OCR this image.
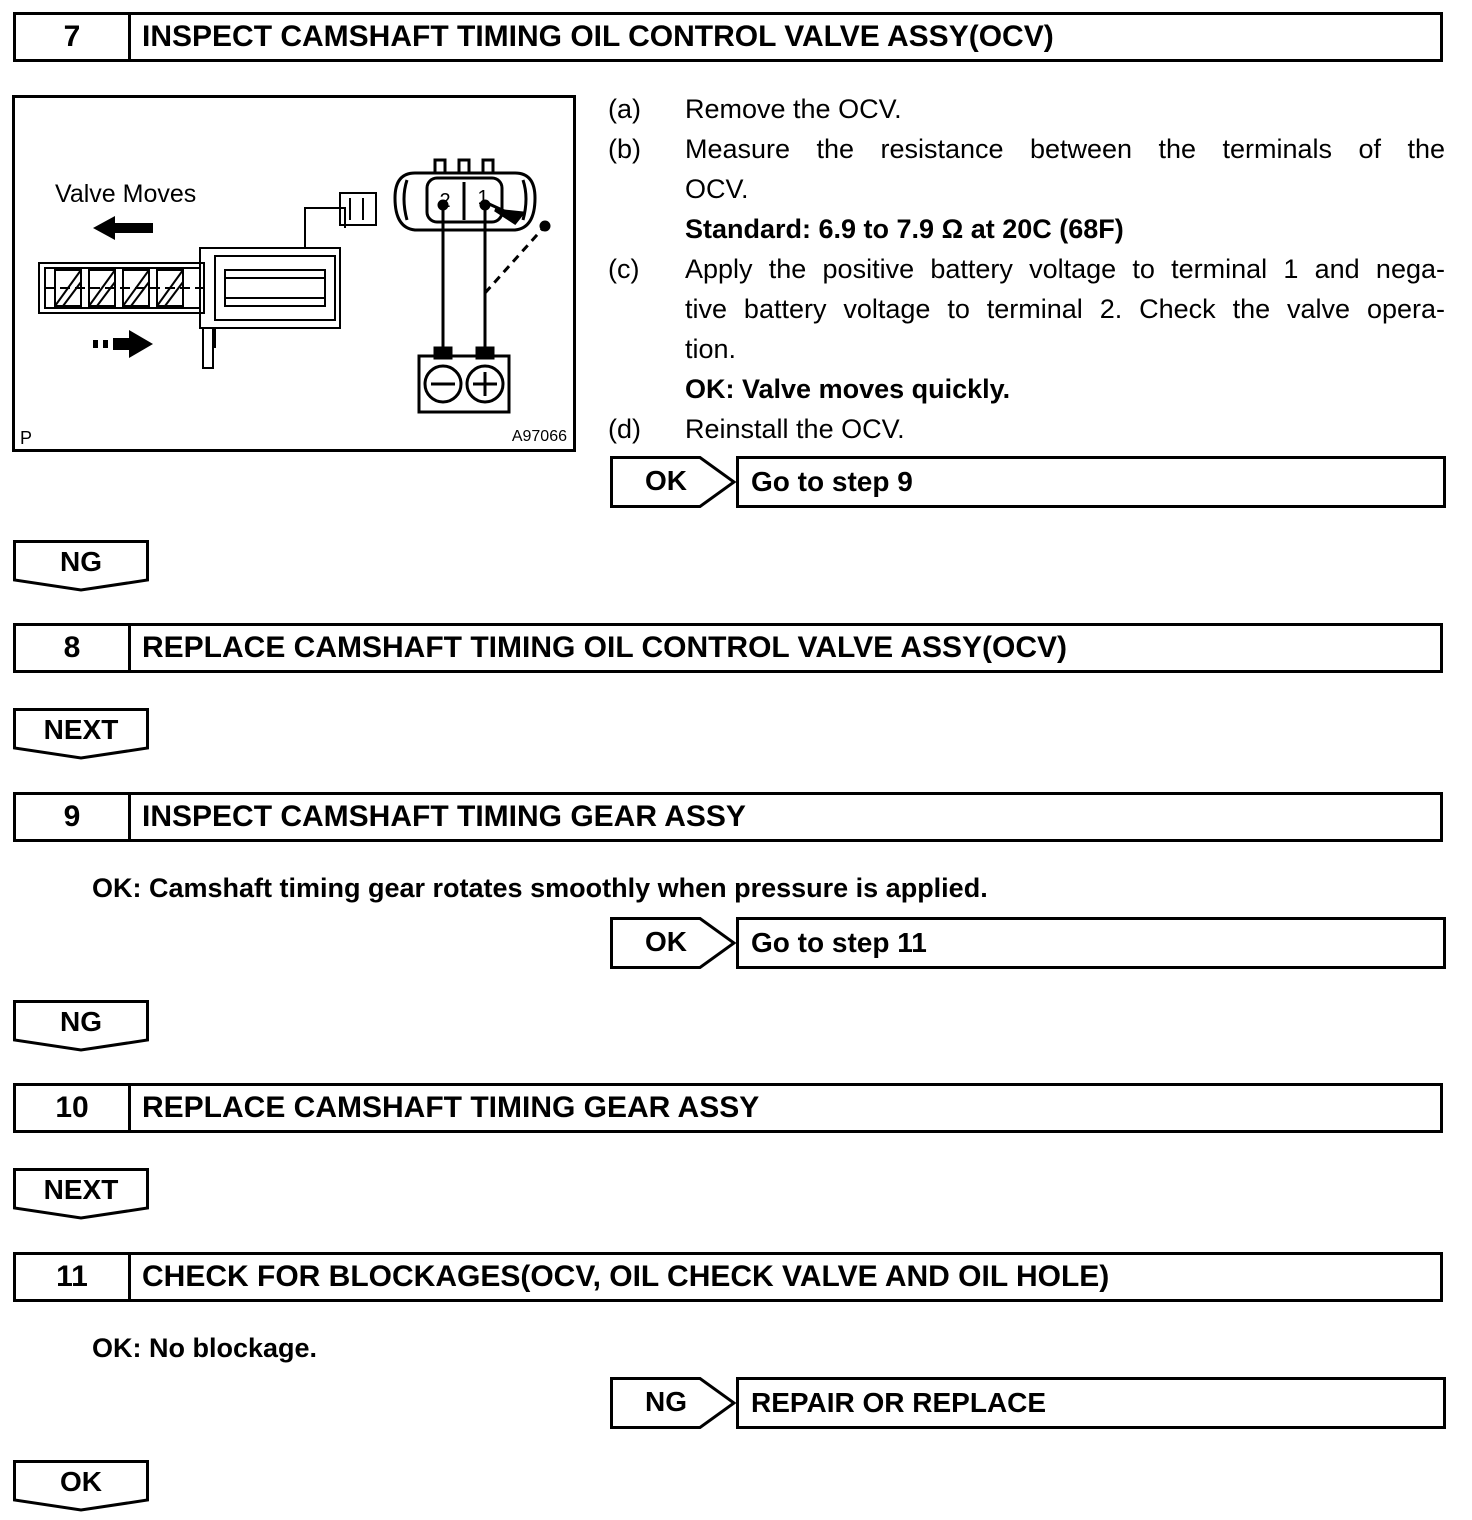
7	INSPECT CAMSHAFT TIMING OIL CONTROL VALVE ASSY(OCV)
Valve Moves
P	A97066
2 1
(a) Remove the OCV.
(b) Measure the resistance between the terminals of the
OCV.
Standard: 6.9 to 7.9 Ω at 20C (68F)
(c) Apply the positive battery voltage to terminal 1 and nega-
tive battery voltage to terminal 2. Check the valve opera-
tion.
OK: Valve moves quickly.
(d) Reinstall the OCV.
OK	Go to step 9
NG
8	REPLACE CAMSHAFT TIMING OIL CONTROL VALVE ASSY(OCV)
NEXT
9	INSPECT CAMSHAFT TIMING GEAR ASSY
OK: Camshaft timing gear rotates smoothly when pressure is applied.
OK	Go to step 11
NG
10	REPLACE CAMSHAFT TIMING GEAR ASSY
NEXT
11	CHECK FOR BLOCKAGES(OCV, OIL CHECK VALVE AND OIL HOLE)
OK: No blockage.
NG	REPAIR OR REPLACE
OK
